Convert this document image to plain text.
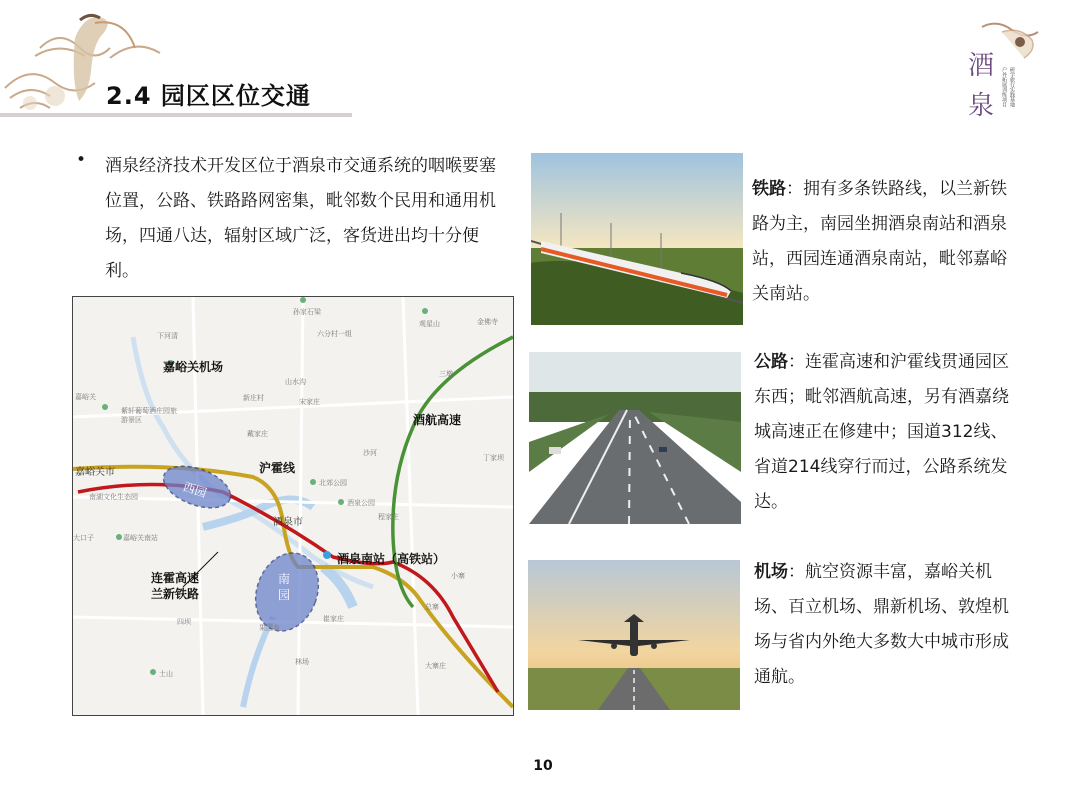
2.4 园区区位交通
酒
泉 户外拓展训练项目 研学旅行实践基地
• 酒泉经济技术开发区位于酒泉市交通系统的咽喉要塞位置，公路、铁路路网密集，毗邻数个民用和通用机场，四通八达，辐射区域广泛，客货进出均十分便利。
嘉峪关机场
酒航高速
沪霍线
酒泉市
嘉峪关市
西园
南园
酒泉南站（高铁站）
连霍高速
兰新铁路
下河清
孙家石梁
六分村一组
观星山
嘉峪关
山水沟
新庄村	宋家庄
戴家庄
南湖文化生态园
北郊公园
酒泉公园
嘉峪关南站
大口子
四坝
果园乡
土山
小寨
金佛寺
沙河
崔家庄
程家庄
丁家坝
大寨庄
林场
三墩
紫轩葡萄酒庄园旅游景区
总寨
铁路：拥有多条铁路线，以兰新铁路为主，南园坐拥酒泉南站和酒泉站，西园连通酒泉南站，毗邻嘉峪关南站。
公路：连霍高速和沪霍线贯通园区东西；毗邻酒航高速，另有酒嘉绕城高速正在修建中；国道312线、省道214线穿行而过，公路系统发达。
机场：航空资源丰富，嘉峪关机场、百立机场、鼎新机场、敦煌机场与省内外绝大多数大中城市形成通航。
10
